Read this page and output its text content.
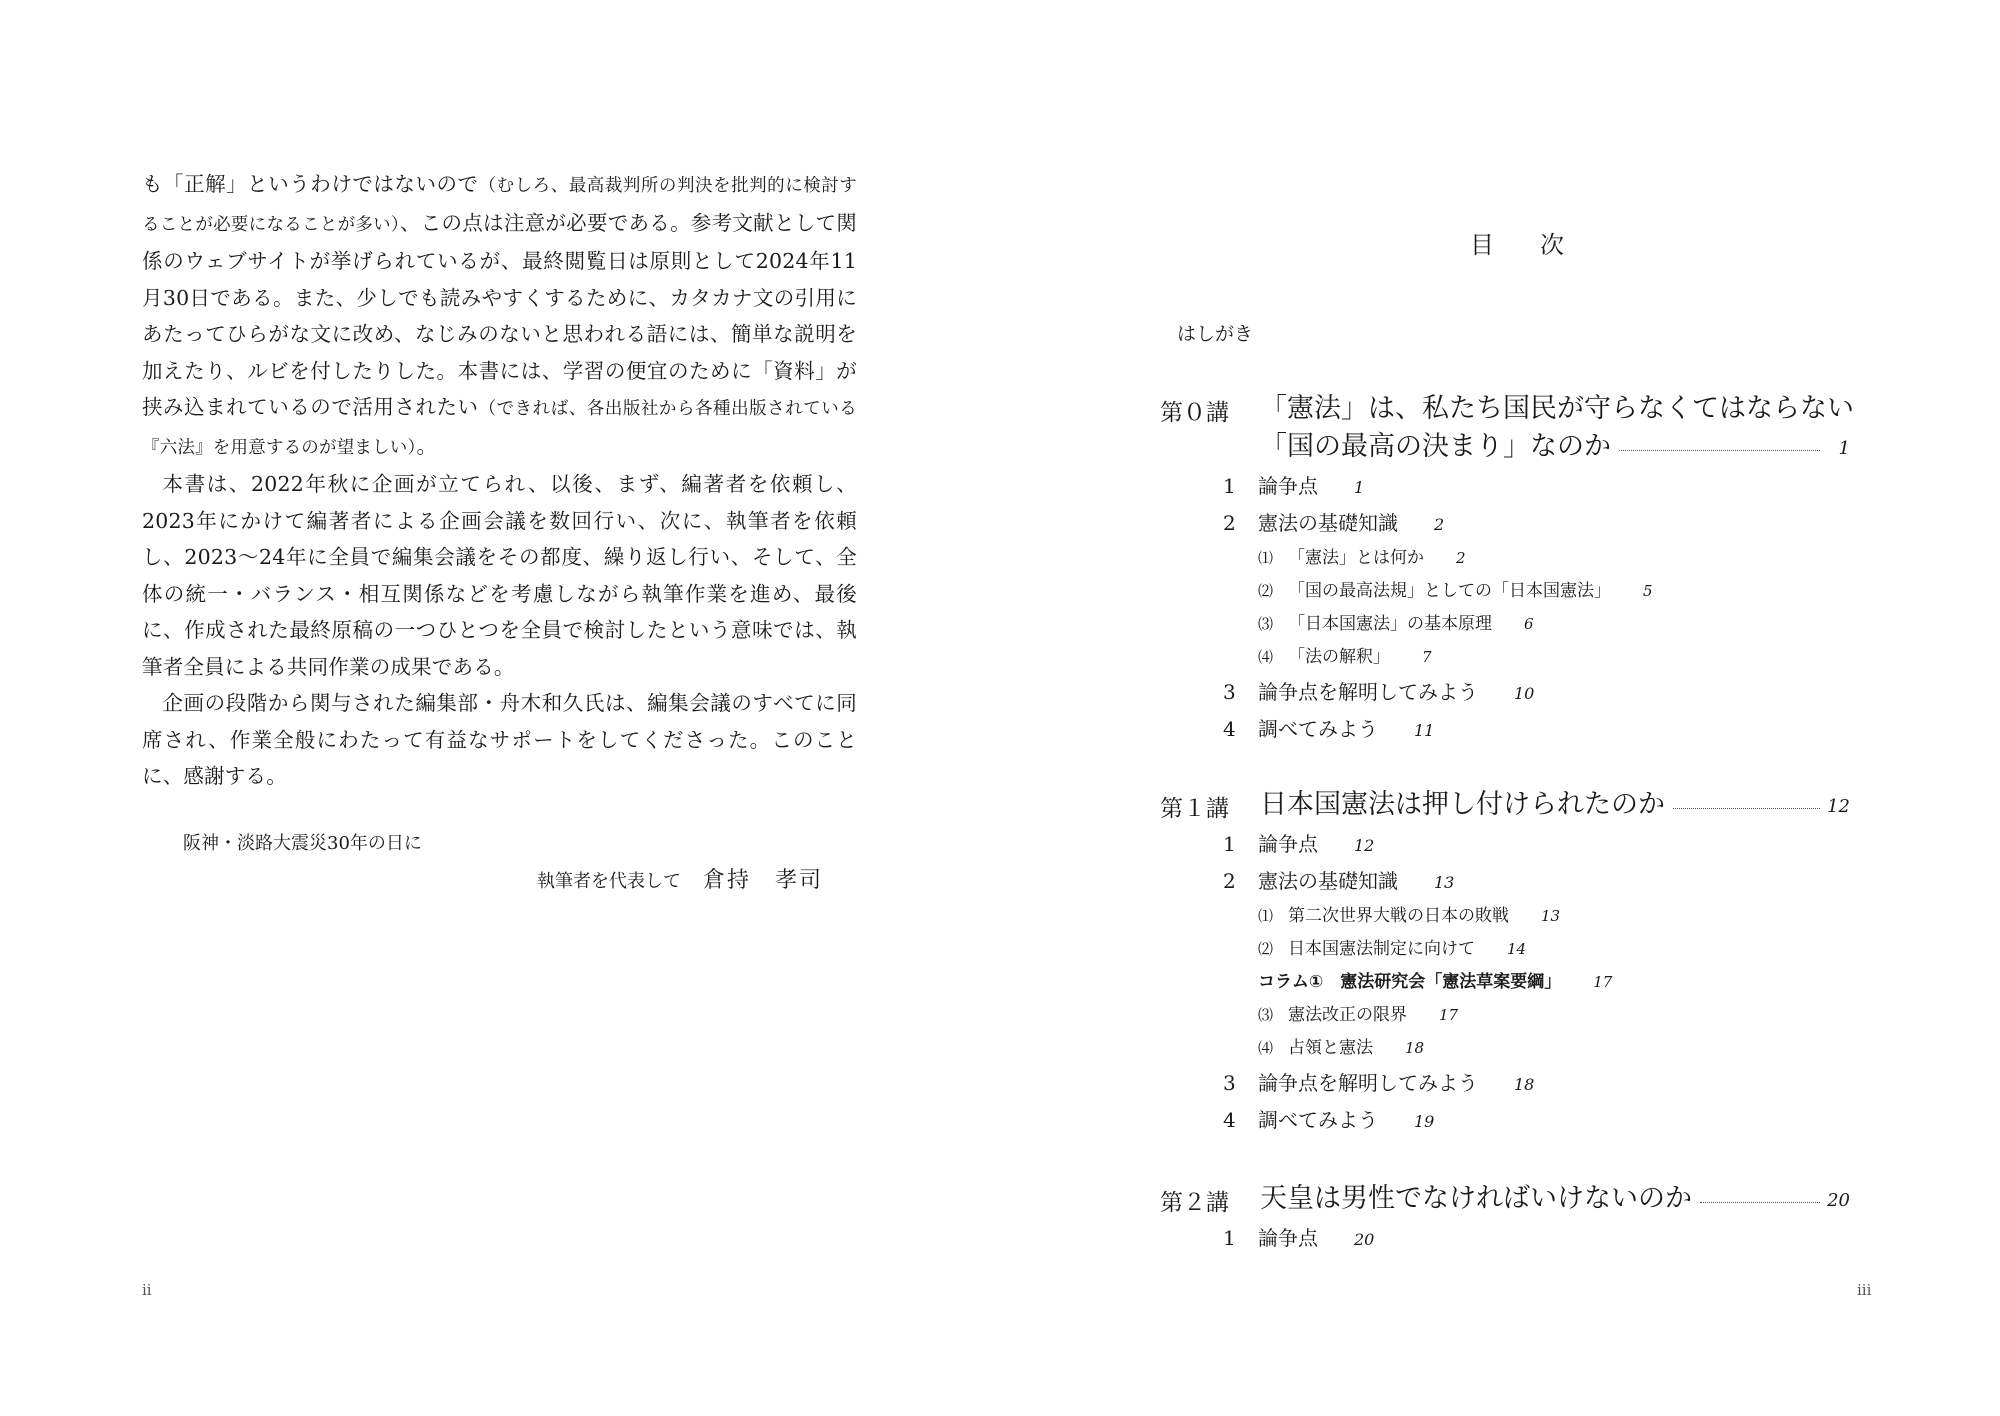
も「正解」というわけではないので（むしろ、最高裁判所の判決を批判的に検討することが必要になることが多い）、この点は注意が必要である。参考文献として関係のウェブサイトが挙げられているが、最終閲覧日は原則として2024年11月30日である。また、少しでも読みやすくするために、カタカナ文の引用にあたってひらがな文に改め、なじみのないと思われる語には、簡単な説明を加えたり、ルビを付したりした。本書には、学習の便宜のために「資料」が挟み込まれているので活用されたい（できれば、各出版社から各種出版されている『六法』を用意するのが望ましい）。

本書は、2022年秋に企画が立てられ、以後、まず、編著者を依頼し、2023年にかけて編著者による企画会議を数回行い、次に、執筆者を依頼し、2023〜24年に全員で編集会議をその都度、繰り返し行い、そして、全体の統一・バランス・相互関係などを考慮しながら執筆作業を進め、最後に、作成された最終原稿の一つひとつを全員で検討したという意味では、執筆者全員による共同作業の成果である。

企画の段階から関与された編集部・舟木和久氏は、編集会議のすべてに同席され、作業全般にわたって有益なサポートをしてくださった。このことに、感謝する。

阪神・淡路大震災30年の日に
執筆者を代表して 倉持　孝司
ii
目次
はしがき
第０講 「憲法」は、私たち国民が守らなくてはならない
「国の最高の決まり」なのか	1
1 論争点 1
2 憲法の基礎知識 2
⑴ 「憲法」とは何か 2
⑵ 「国の最高法規」としての「日本国憲法」 5
⑶ 「日本国憲法」の基本原理 6
⑷ 「法の解釈」 7
3 論争点を解明してみよう 10
4 調べてみよう 11
第１講 日本国憲法は押し付けられたのか	12
1 論争点 12
2 憲法の基礎知識 13
⑴ 第二次世界大戦の日本の敗戦 13
⑵ 日本国憲法制定に向けて 14
コラム①　憲法研究会「憲法草案要綱」 17
⑶ 憲法改正の限界 17
⑷ 占領と憲法 18
3 論争点を解明してみよう 18
4 調べてみよう 19
第２講 天皇は男性でなければいけないのか	20
1 論争点 20
iii
